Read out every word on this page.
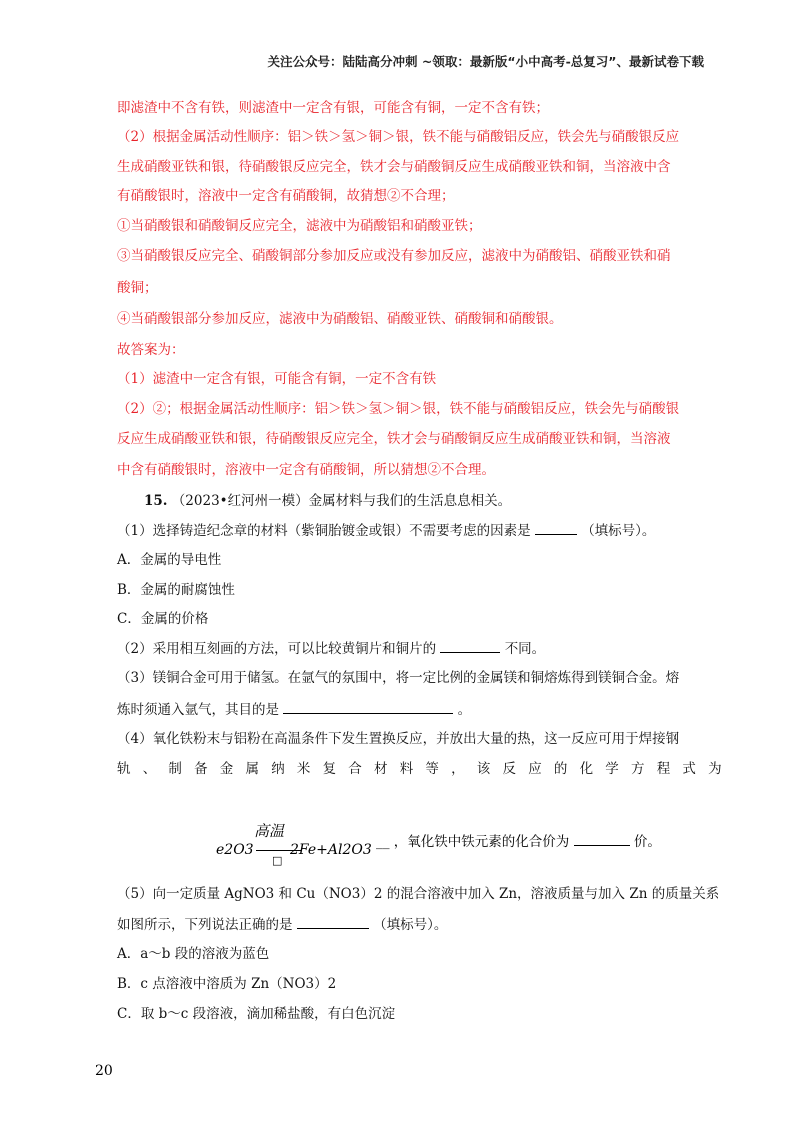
关注公众号：陆陆高分冲刺 ~领取：最新版“小中高考-总复习”、最新试卷下载
即滤渣中不含有铁，则滤渣中一定含有银，可能含有铜，一定不含有铁；
（2）根据金属活动性顺序：铝＞铁＞氢＞铜＞银，铁不能与硝酸铝反应，铁会先与硝酸银反应
生成硝酸亚铁和银，待硝酸银反应完全，铁才会与硝酸铜反应生成硝酸亚铁和铜，当溶液中含
有硝酸银时，溶液中一定含有硝酸铜，故猜想②不合理；
①当硝酸银和硝酸铜反应完全，滤液中为硝酸铝和硝酸亚铁；
③当硝酸银反应完全、硝酸铜部分参加反应或没有参加反应，滤液中为硝酸铝、硝酸亚铁和硝
酸铜；
④当硝酸银部分参加反应，滤液中为硝酸铝、硝酸亚铁、硝酸铜和硝酸银。
故答案为：
（1）滤渣中一定含有银，可能含有铜，一定不含有铁
（2）②；根据金属活动性顺序：铝＞铁＞氢＞铜＞银，铁不能与硝酸铝反应，铁会先与硝酸银
反应生成硝酸亚铁和银，待硝酸银反应完全，铁才会与硝酸铜反应生成硝酸亚铁和铜，当溶液
中含有硝酸银时，溶液中一定含有硝酸铜，所以猜想②不合理。
15. （2023•红河州一模）金属材料与我们的生活息息相关。
（1）选择铸造纪念章的材料（紫铜胎镀金或银）不需要考虑的因素是	（填标号）。
A．金属的导电性
B．金属的耐腐蚀性
C．金属的价格
（2）采用相互刻画的方法，可以比较黄铜片和铜片的	不同。
（3）镁铜合金可用于储氢。在氩气的氛围中，将一定比例的金属镁和铜熔炼得到镁铜合金。熔
炼时须通入氩气，其目的是	。
（4）氧化铁粉末与铝粉在高温条件下发生置换反应，并放出大量的热，这一反应可用于焊接钢
轨、制备金属纳米复合材料等，该反应的化学方程式为
高温
e2O3
□
2Fe+Al2O3 __ ，氧化铁中铁元素的化合价为	价。
（5）向一定质量 AgNO3 和 Cu（NO3）2 的混合溶液中加入 Zn，溶液质量与加入 Zn 的质量关系
如图所示，下列说法正确的是	（填标号）。
A．a～b 段的溶液为蓝色
B．c 点溶液中溶质为 Zn（NO3）2
C．取 b～c 段溶液，滴加稀盐酸，有白色沉淀
20
